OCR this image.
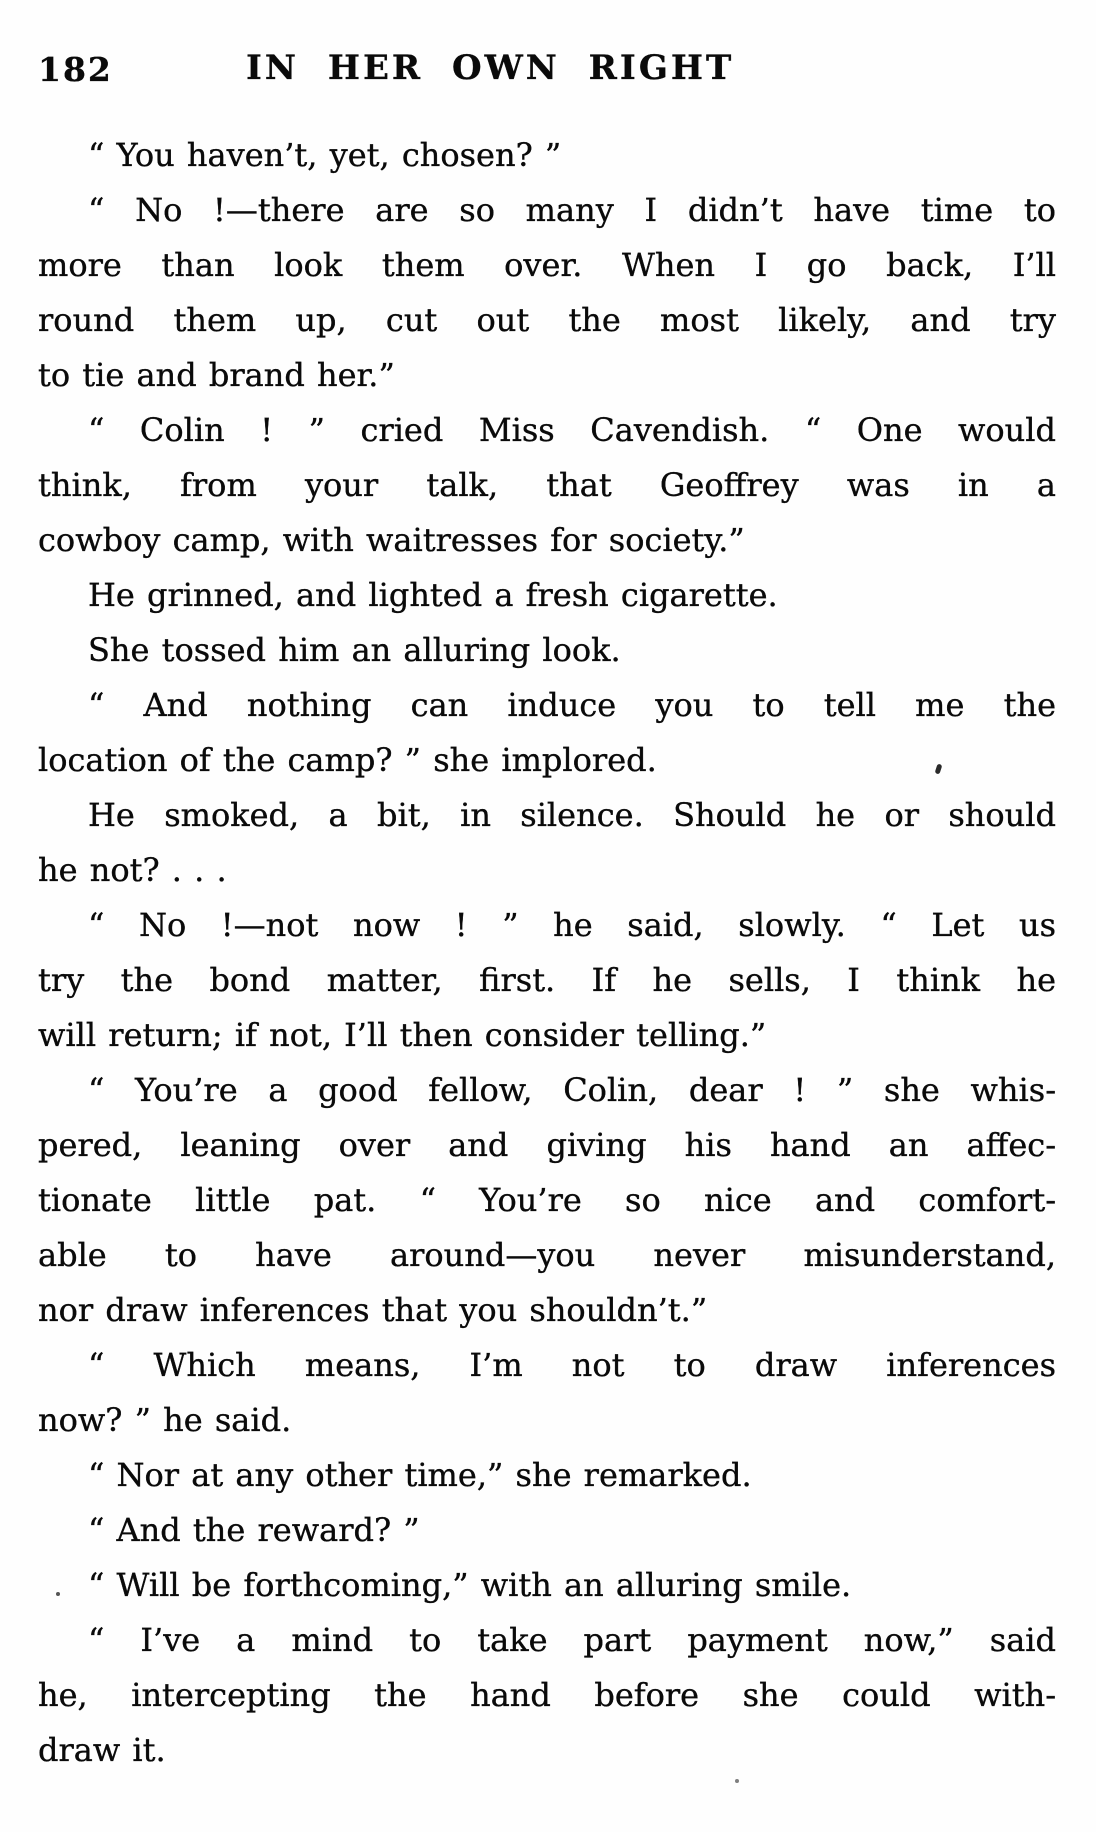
182	IN HER OWN RIGHT
“ You haven’t, yet, chosen? ”
“ No !—there are so many I didn’t have time to
more than look them over. When I go back, I’ll
round them up, cut out the most likely, and try
to tie and brand her.”
“ Colin ! ” cried Miss Cavendish. “ One would
think, from your talk, that Geoffrey was in a
cowboy camp, with waitresses for society.”
He grinned, and lighted a fresh cigarette.
She tossed him an alluring look.
“ And nothing can induce you to tell me the
location of the camp? ” she implored.
He smoked, a bit, in silence. Should he or should
he not? . . .
“ No !—not now ! ” he said, slowly. “ Let us
try the bond matter, first. If he sells, I think he
will return; if not, I’ll then consider telling.”
“ You’re a good fellow, Colin, dear ! ” she whis-
pered, leaning over and giving his hand an affec-
tionate little pat. “ You’re so nice and comfort-
able to have around—you never misunderstand,
nor draw inferences that you shouldn’t.”
“ Which means, I’m not to draw inferences
now? ” he said.
“ Nor at any other time,” she remarked.
“ And the reward? ”
“ Will be forthcoming,” with an alluring smile.
“ I’ve a mind to take part payment now,” said
he, intercepting the hand before she could with-
draw it.
